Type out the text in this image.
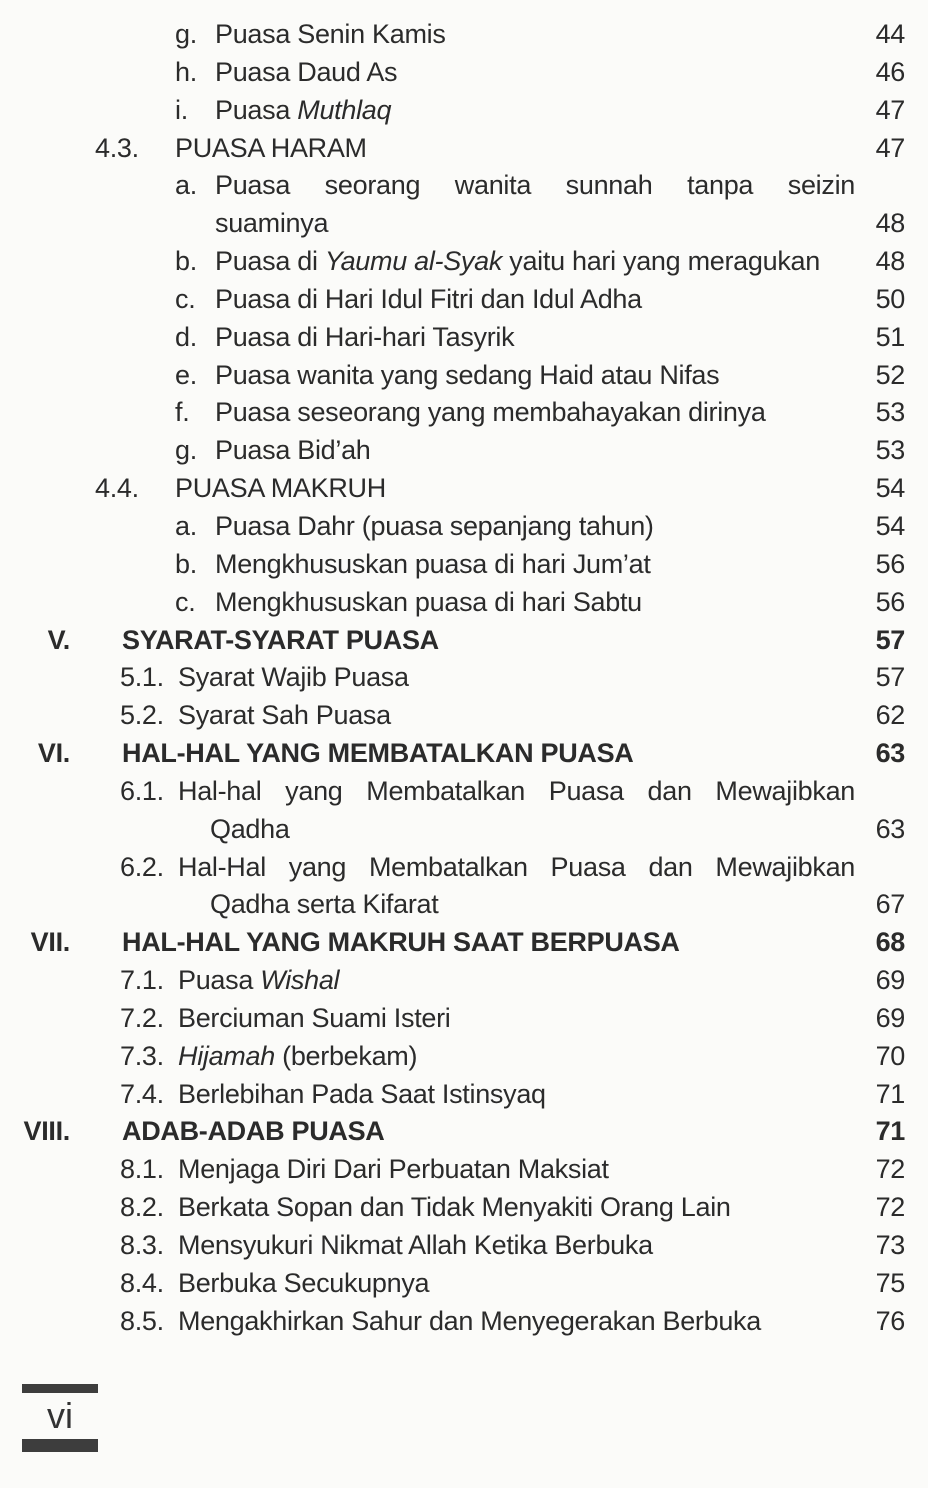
g. Puasa Senin Kamis	44
h. Puasa Daud As	46
i.	Puasa Muthlaq	47
4.3.	PUASA HARAM	47
a. Puasa seorang wanita sunnah tanpa seizin
suaminya	48
b. Puasa di Yaumu al-Syak yaitu hari yang meragukan	48
c. Puasa di Hari Idul Fitri dan Idul Adha	50
d. Puasa di Hari-hari Tasyrik	51
e. Puasa wanita yang sedang Haid atau Nifas	52
f. Puasa seseorang yang membahayakan dirinya	53
g. Puasa Bid’ah	53
4.4.	PUASA MAKRUH	54
a. Puasa Dahr (puasa sepanjang tahun)	54
b. Mengkhususkan puasa di hari Jum’at	56
c. Mengkhususkan puasa di hari Sabtu	56
V. SYARAT-SYARAT PUASA	57
5.1. Syarat Wajib Puasa	57
5.2. Syarat Sah Puasa	62
VI. HAL-HAL YANG MEMBATALKAN PUASA	63
6.1. Hal-hal yang Membatalkan Puasa dan Mewajibkan
Qadha	63
6.2. Hal-Hal yang Membatalkan Puasa dan Mewajibkan
Qadha serta Kifarat	67
VII. HAL-HAL YANG MAKRUH SAAT BERPUASA	68
7.1. Puasa Wishal	69
7.2. Berciuman Suami Isteri	69
7.3. Hijamah (berbekam)	70
7.4. Berlebihan Pada Saat Istinsyaq	71
VIII. ADAB-ADAB PUASA	71
8.1. Menjaga Diri Dari Perbuatan Maksiat	72
8.2. Berkata Sopan dan Tidak Menyakiti Orang Lain	72
8.3. Mensyukuri Nikmat Allah Ketika Berbuka	73
8.4. Berbuka Secukupnya	75
8.5. Mengakhirkan Sahur dan Menyegerakan Berbuka	76
vi
